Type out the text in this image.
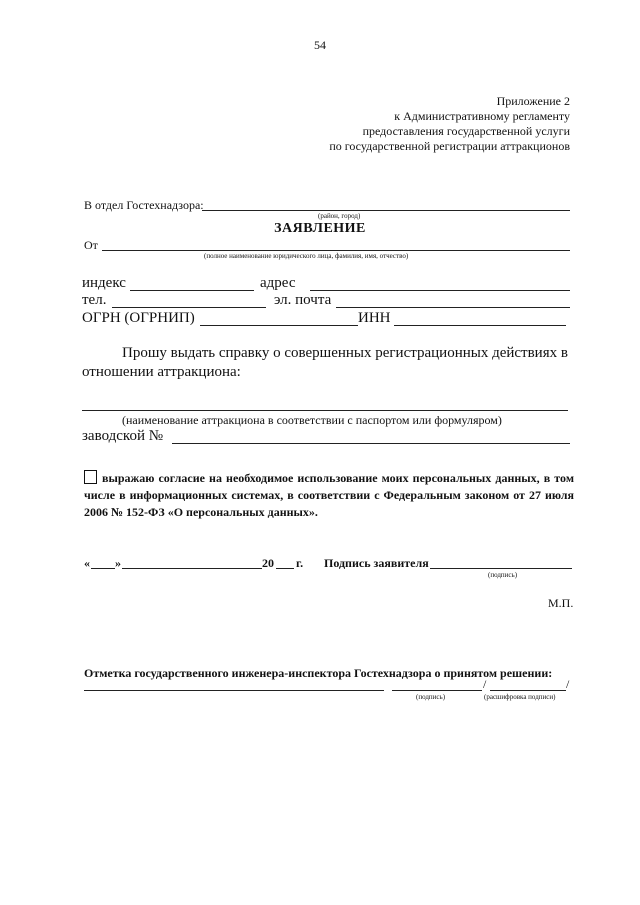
54
Приложение 2
к Административному регламенту
предоставления государственной услуги
по государственной регистрации аттракционов
В отдел Гостехнадзора:
(район, город)
ЗАЯВЛЕНИЕ
От
(полное наименование юридического лица, фамилия, имя, отчество)
индекс	адрес
тел.	эл. почта
ОГРН (ОГРНИП)	ИНН
Прошу выдать справку о совершенных регистрационных действиях в отношении аттракциона:
(наименование аттракциона в соответствии с паспортом или формуляром)
заводской №
выражаю согласие на необходимое использование моих персональных данных, в том числе в информационных системах, в соответствии с Федеральным законом от 27 июля 2006 № 152-ФЗ «О персональных данных».
« »	20 г. Подпись заявителя
(подпись)
М.П.
Отметка государственного инженера-инспектора Гостехнадзора о принятом решении:
/	/
(подпись)	(расшифровка подписи)
